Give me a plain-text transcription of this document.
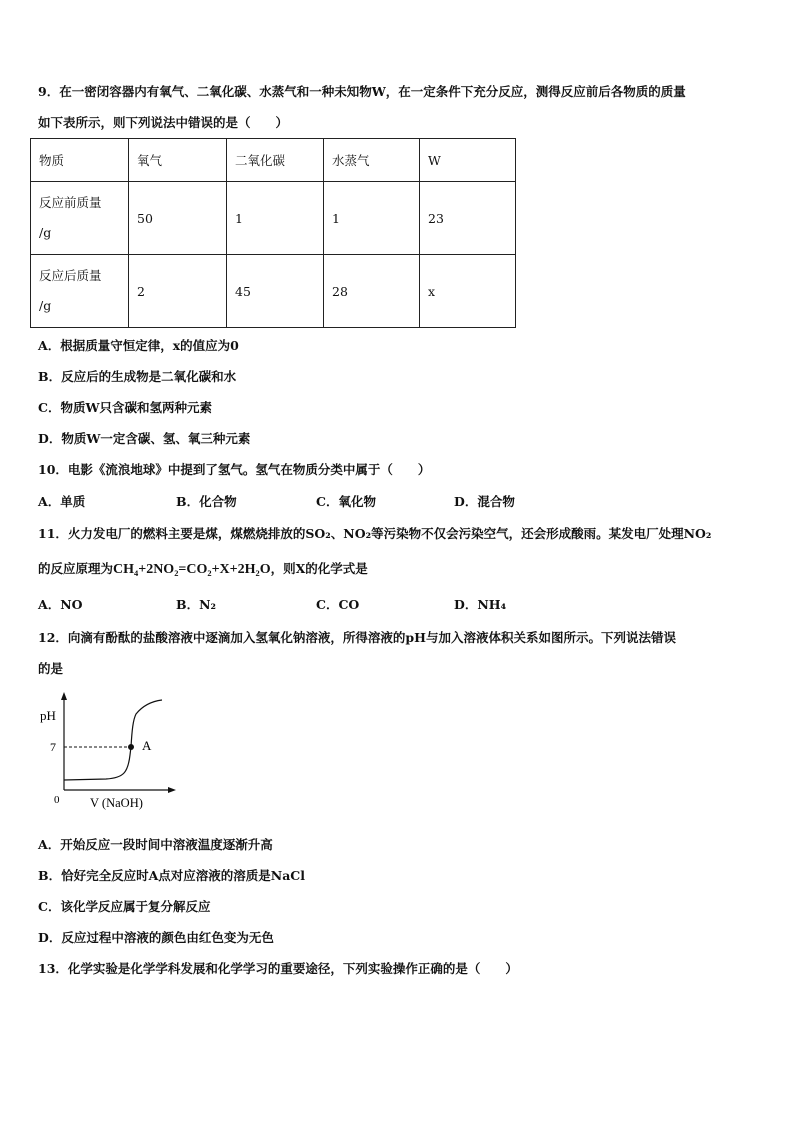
9．在一密闭容器内有氧气、二氧化碳、水蒸气和一种未知物W，在一定条件下充分反应，测得反应前后各物质的质量
如下表所示，则下列说法中错误的是（　　）
物质	氧气	二氧化碳	水蒸气	W

反应前质量
/g	50	1	1	23

反应后质量
/g	2	45	28	x
A．根据质量守恒定律，x的值应为0
B．反应后的生成物是二氧化碳和水
C．物质W只含碳和氢两种元素
D．物质W一定含碳、氢、氧三种元素
10．电影《流浪地球》中提到了氢气。氢气在物质分类中属于（　　）
A．单质	B．化合物	C．氧化物	D．混合物
11．火力发电厂的燃料主要是煤，煤燃烧排放的SO₂、NO₂等污染物不仅会污染空气，还会形成酸雨。某发电厂处理NO₂
的反应原理为CH₄+2NO₂=CO₂+X+2H₂O，则X的化学式是
A．NO	B．N₂	C．CO	D．NH₄
12．向滴有酚酞的盐酸溶液中逐滴加入氢氧化钠溶液，所得溶液的pH与加入溶液体积关系如图所示。下列说法错误
的是
pH
7
0
A
V (NaOH)
A．开始反应一段时间中溶液温度逐渐升高
B．恰好完全反应时A点对应溶液的溶质是NaCl
C．该化学反应属于复分解反应
D．反应过程中溶液的颜色由红色变为无色
13．化学实验是化学学科发展和化学学习的重要途径，下列实验操作正确的是（　　）
